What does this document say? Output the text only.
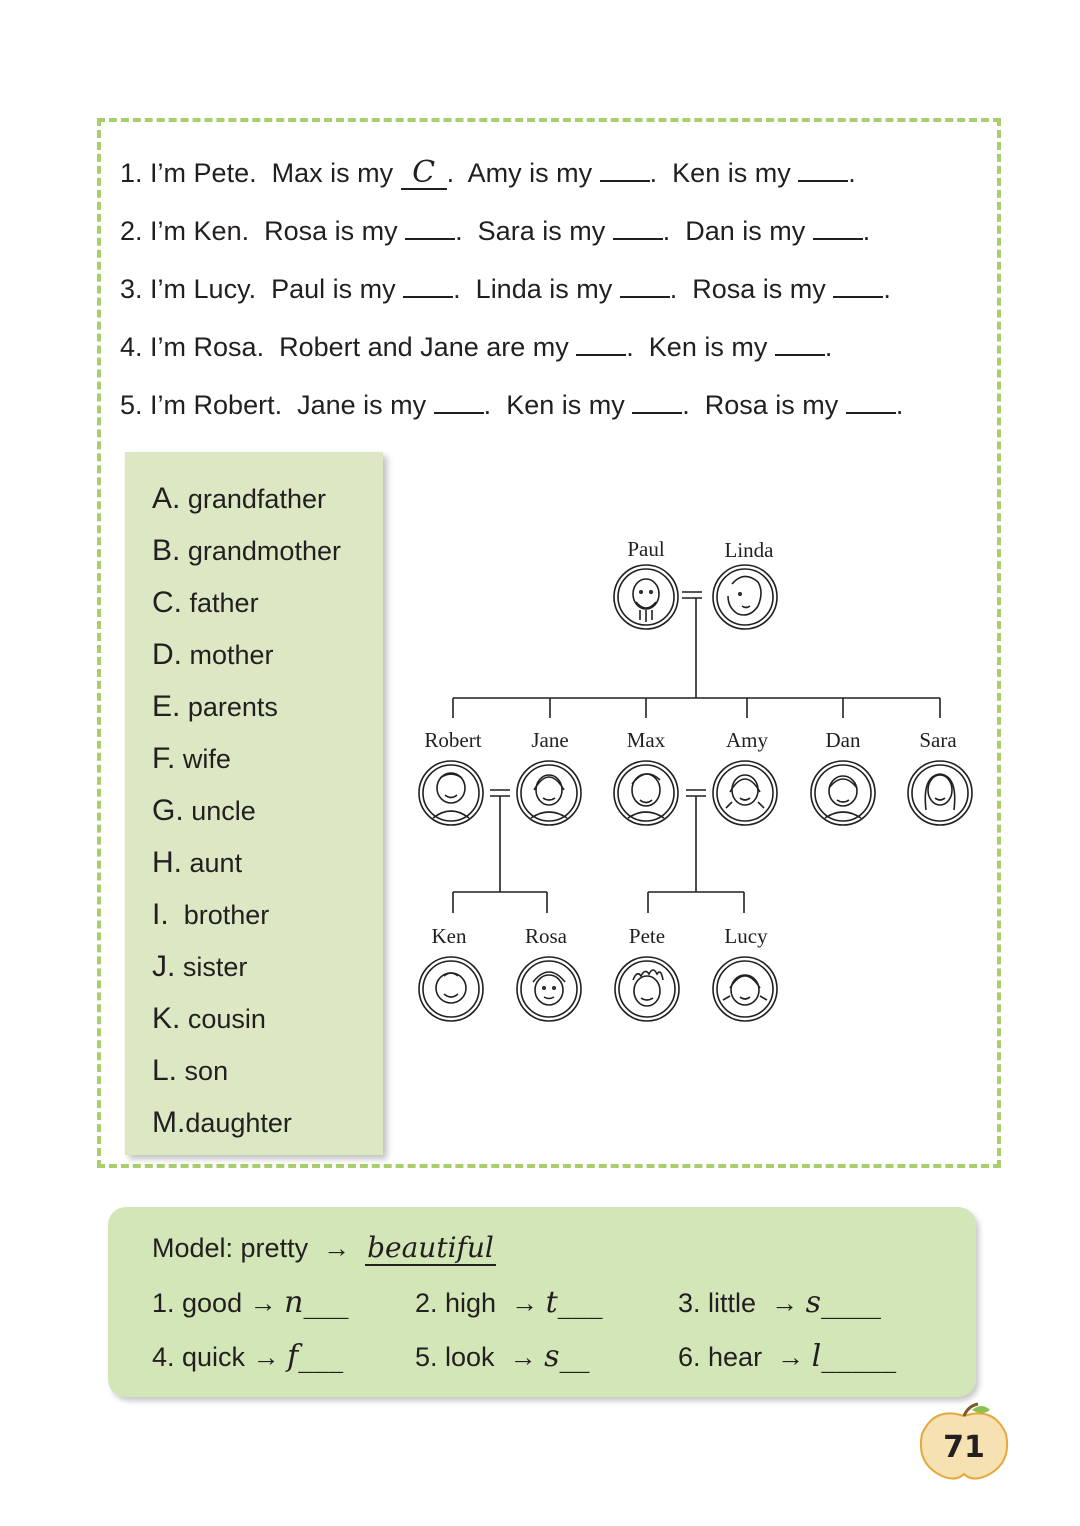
1. I’m Pete. Max is my C .  Amy is my .  Ken is my .
2. I’m Ken. Rosa is my .  Sara is my .  Dan is my .
3. I’m Lucy. Paul is my .  Linda is my .  Rosa is my .
4. I’m Rosa. Robert and Jane are my .  Ken is my .
5. I’m Robert. Jane is my .  Ken is my .  Rosa is my .
A. grandfather
B. grandmother
C. father
D. mother
E. parents
F. wife
G. uncle
H. aunt
I. brother
J. sister
K. cousin
L. son
M.daughter
Paul	Linda
Robert Jane	Max	Amy	Dan	Sara
Ken	Rosa	Pete	Lucy
Model: pretty → beautiful
1. good → n___ 2. high → t___	3. little → s____
4. quick → f___	5. look → s__	6. hear → l_____
71
